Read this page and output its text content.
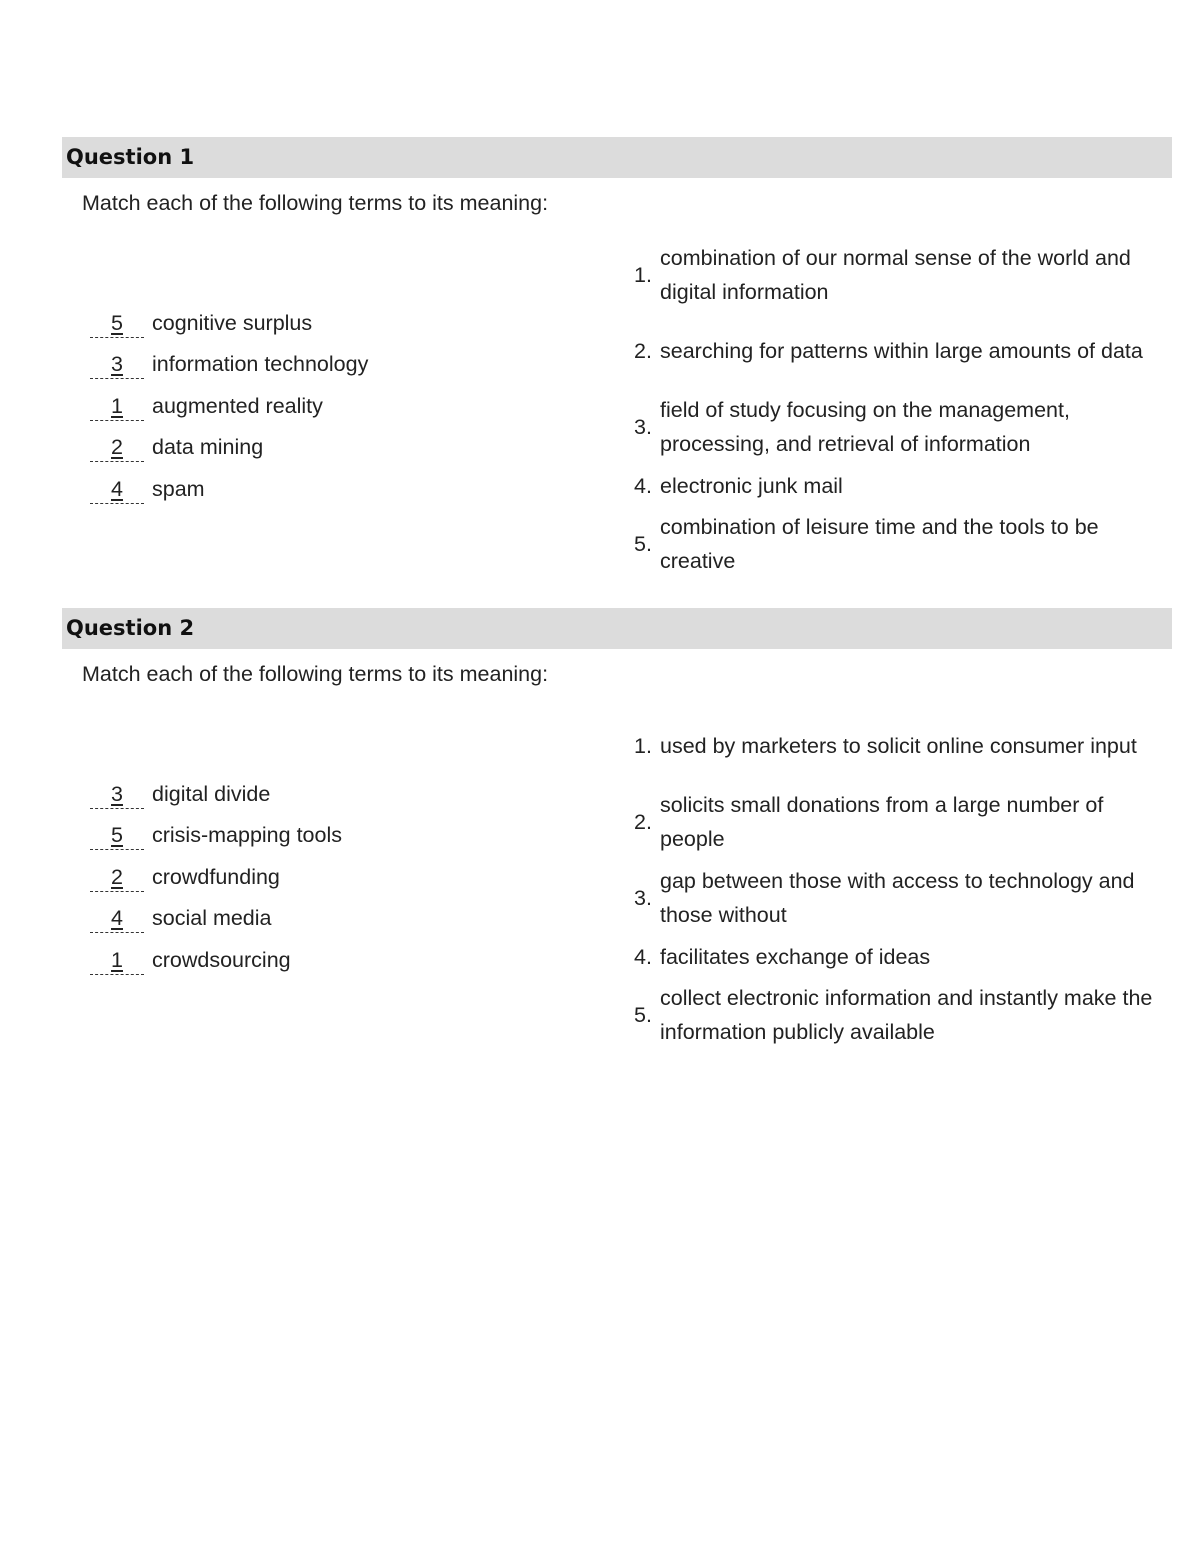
Question 1
Match each of the following terms to its meaning:
5	cognitive surplus
3	information technology
1	augmented reality
2	data mining
4	spam
1.
combination of our normal sense of the world and digital information
2. searching for patterns within large amounts of data
3.
field of study focusing on the management, processing, and retrieval of information
4. electronic junk mail
5.
combination of leisure time and the tools to be creative
Question 2
Match each of the following terms to its meaning:
3	digital divide
5	crisis-mapping tools
2	crowdfunding
4	social media
1	crowdsourcing
1. used by marketers to solicit online consumer input
2.
solicits small donations from a large number of people
3.
gap between those with access to technology and those without
4. facilitates exchange of ideas
5.
collect electronic information and instantly make the information publicly available
